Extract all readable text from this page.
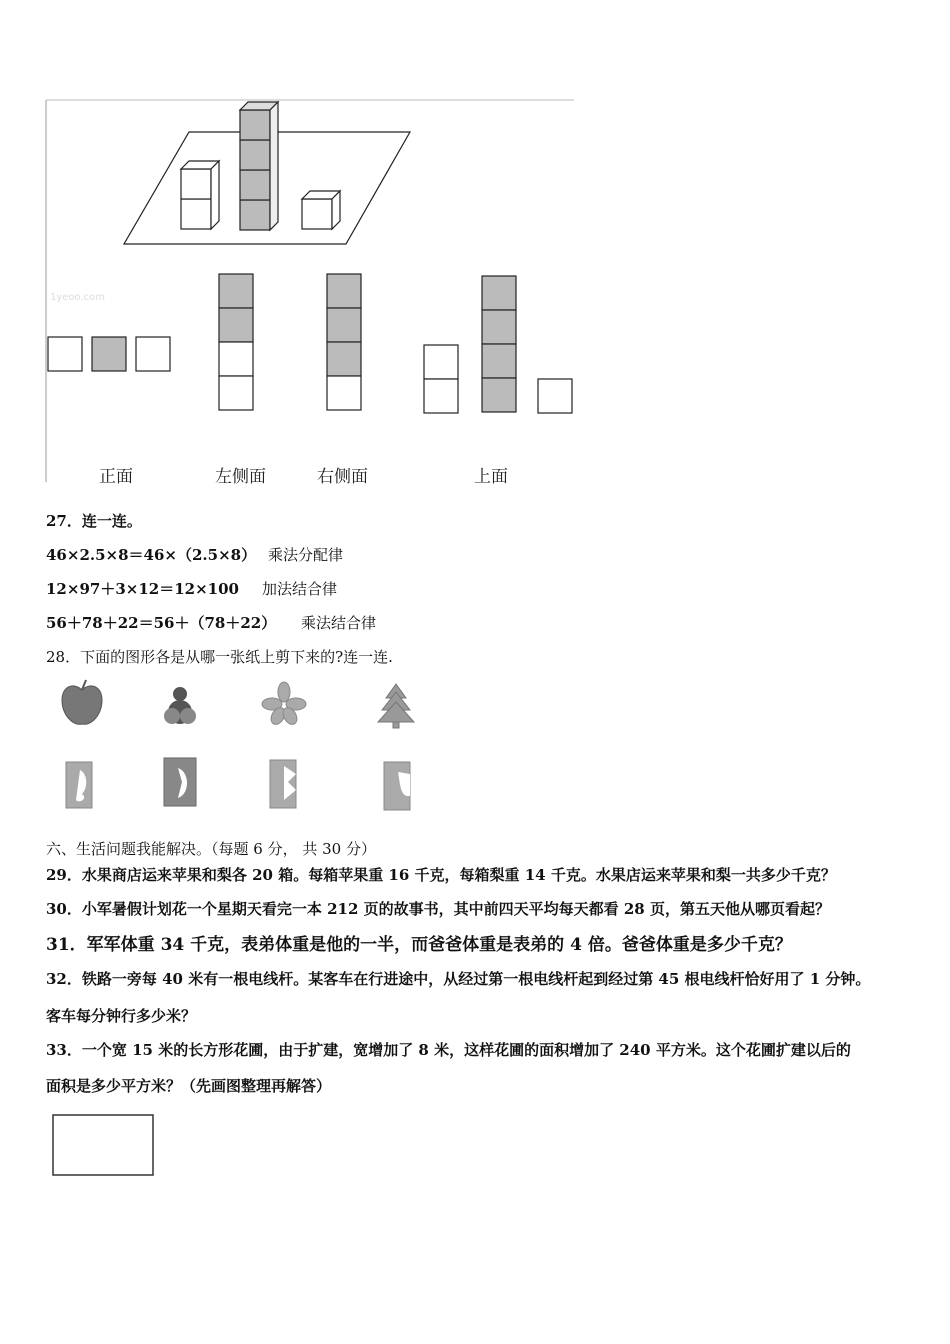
正面	左侧面	右侧面	上面
1yeoo.com
27．连一连。
46×2.5×8＝46×（2.5×8） 乘法分配律
12×97＋3×12＝12×100 加法结合律
56＋78＋22＝56＋（78＋22） 乘法结合律
28．下面的图形各是从哪一张纸上剪下来的?连一连.
六、生活问题我能解决。（每题 6 分， 共 30 分）
29．水果商店运来苹果和梨各 20 箱。每箱苹果重 16 千克，每箱梨重 14 千克。水果店运来苹果和梨一共多少千克？
30．小军暑假计划花一个星期天看完一本 212 页的故事书，其中前四天平均每天都看 28 页，第五天他从哪页看起？
31．军军体重 34 千克，表弟体重是他的一半，而爸爸体重是表弟的 4 倍。爸爸体重是多少千克？
32．铁路一旁每 40 米有一根电线杆。某客车在行进途中，从经过第一根电线杆起到经过第 45 根电线杆恰好用了 1 分钟。
客车每分钟行多少米？
33．一个宽 15 米的长方形花圃，由于扩建，宽增加了 8 米，这样花圃的面积增加了 240 平方米。这个花圃扩建以后的
面积是多少平方米？（先画图整理再解答）
